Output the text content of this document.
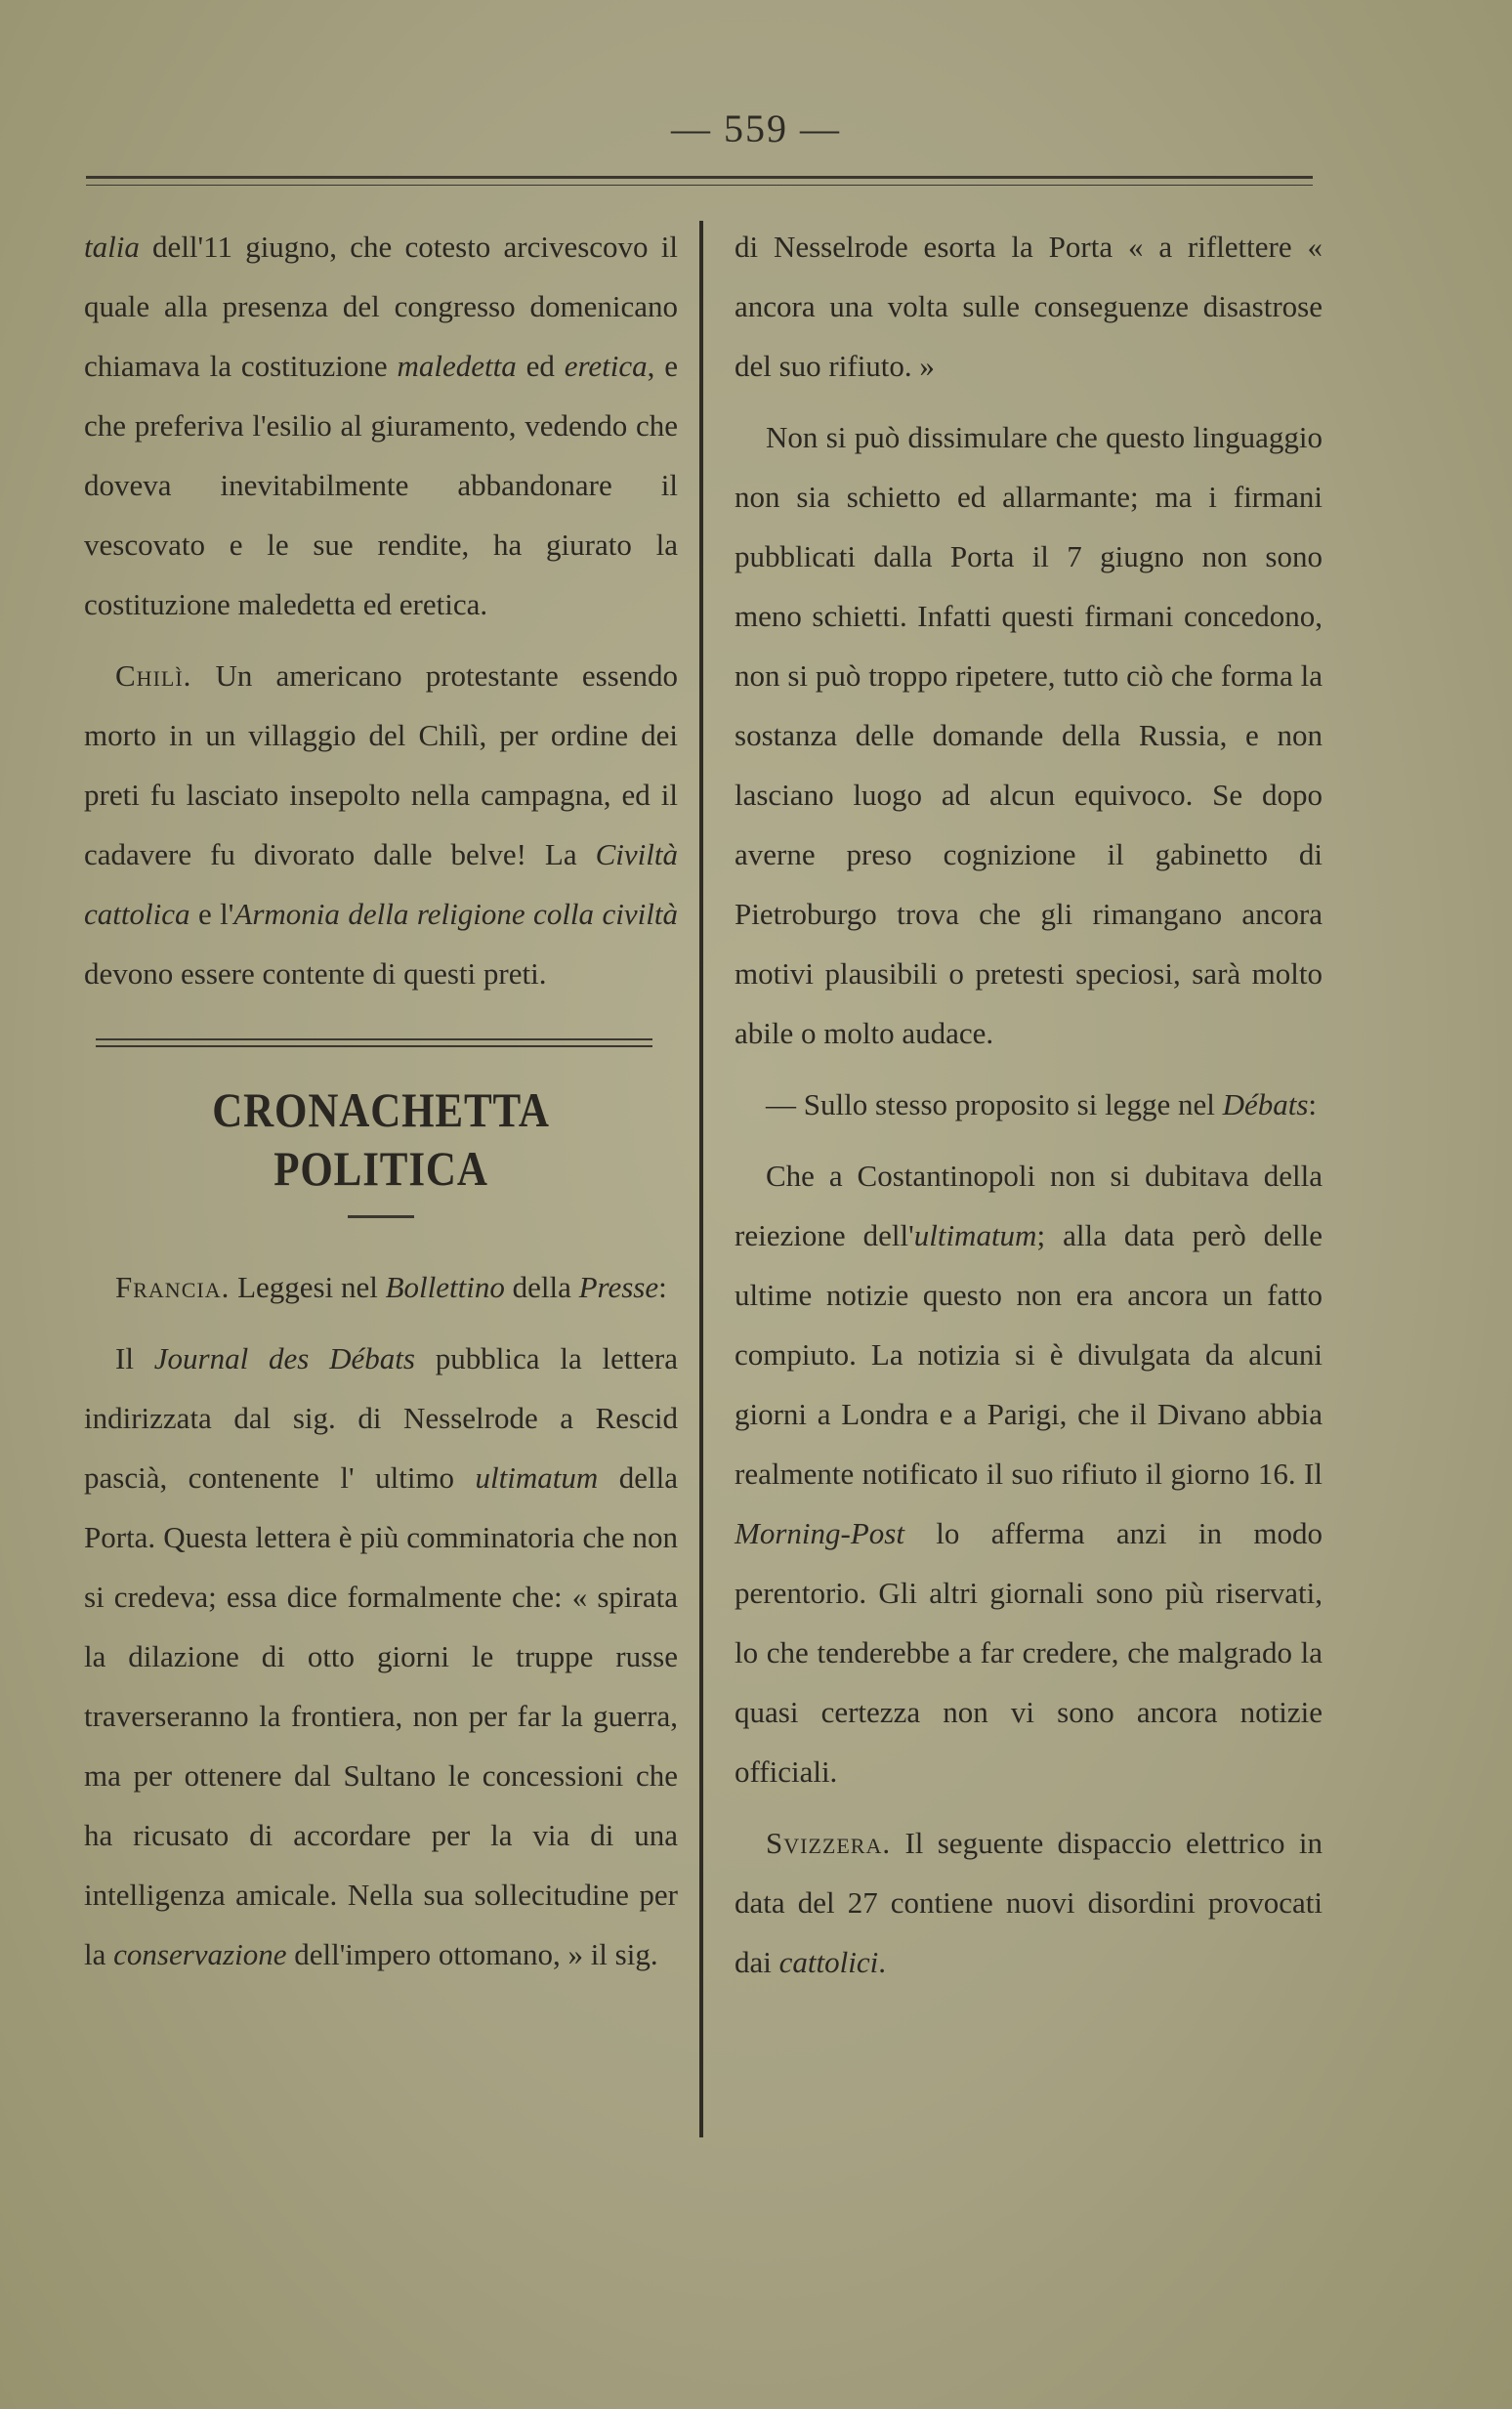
— 559 —

talia dell'11 giugno, che cotesto arcivescovo il quale alla presenza del congresso domenicano chiamava la costituzione maledetta ed eretica, e che preferiva l'esilio al giuramento, vedendo che doveva inevitabilmente abbandonare il vescovato e le sue rendite, ha giurato la costituzione maledetta ed eretica.

Chilì. Un americano protestante essendo morto in un villaggio del Chilì, per ordine dei preti fu lasciato insepolto nella campagna, ed il cadavere fu divorato dalle belve! La Civiltà cattolica e l'Armonia della religione colla civiltà devono essere contente di questi preti.

CRONACHETTA POLITICA

Francia. Leggesi nel Bollettino della Presse:

Il Journal des Débats pubblica la lettera indirizzata dal sig. di Nesselrode a Rescid pascià, contenente l' ultimo ultimatum della Porta. Questa lettera è più comminatoria che non si credeva; essa dice formalmente che: « spirata la dilazione di otto giorni le truppe russe traverseranno la frontiera, non per far la guerra, ma per ottenere dal Sultano le concessioni che ha ricusato di accordare per la via di una intelligenza amicale. Nella sua sollecitudine per la conservazione dell'impero ottomano, » il sig.

di Nesselrode esorta la Porta « a riflettere « ancora una volta sulle conseguenze disastrose del suo rifiuto. »

Non si può dissimulare che questo linguaggio non sia schietto ed allarmante; ma i firmani pubblicati dalla Porta il 7 giugno non sono meno schietti. Infatti questi firmani concedono, non si può troppo ripetere, tutto ciò che forma la sostanza delle domande della Russia, e non lasciano luogo ad alcun equivoco. Se dopo averne preso cognizione il gabinetto di Pietroburgo trova che gli rimangano ancora motivi plausibili o pretesti speciosi, sarà molto abile o molto audace.

— Sullo stesso proposito si legge nel Débats:

Che a Costantinopoli non si dubitava della reiezione dell'ultimatum; alla data però delle ultime notizie questo non era ancora un fatto compiuto. La notizia si è divulgata da alcuni giorni a Londra e a Parigi, che il Divano abbia realmente notificato il suo rifiuto il giorno 16. Il Morning-Post lo afferma anzi in modo perentorio. Gli altri giornali sono più riservati, lo che tenderebbe a far credere, che malgrado la quasi certezza non vi sono ancora notizie officiali.

Svizzera. Il seguente dispaccio elettrico in data del 27 contiene nuovi disordini provocati dai cattolici.
